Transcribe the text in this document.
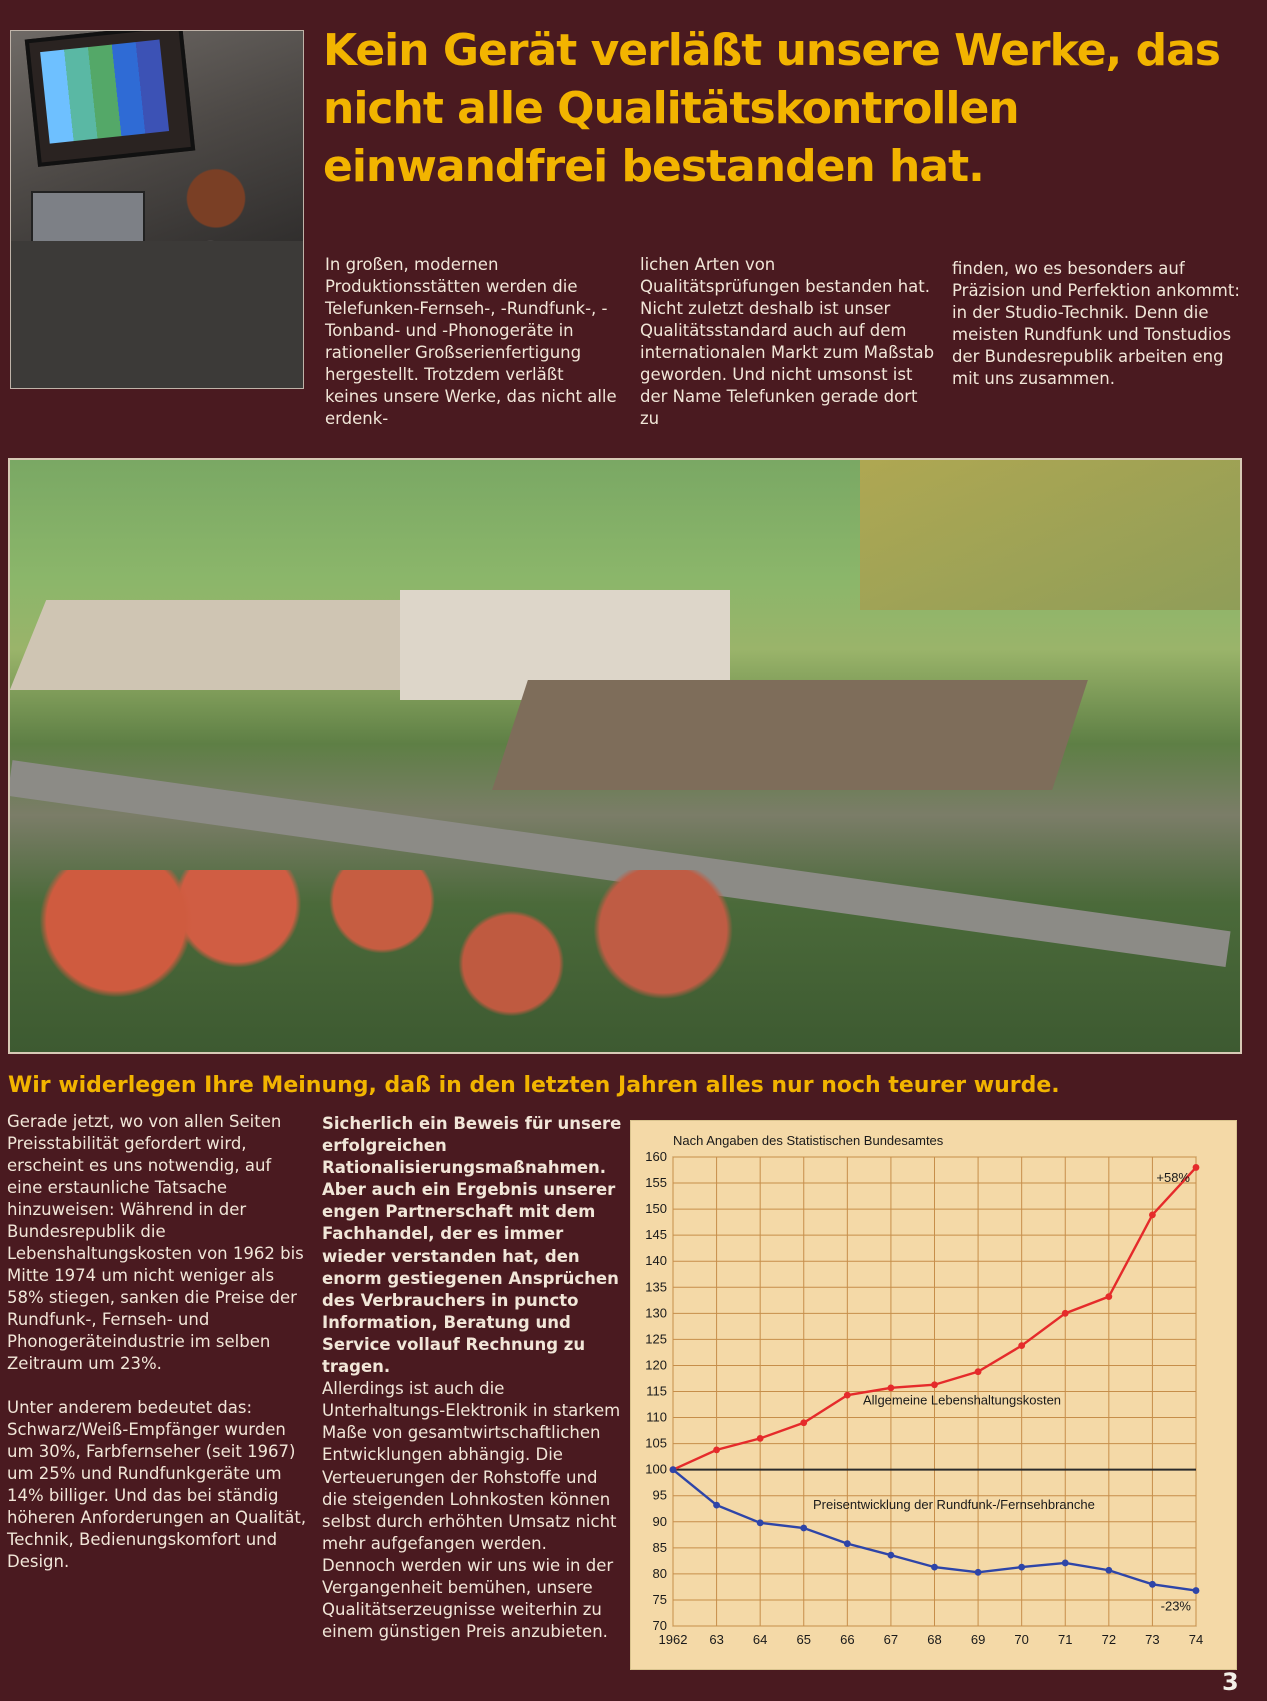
Kein Gerät verläßt unsere Werke, das nicht alle Qualitätskontrollen einwandfrei bestanden hat.
In großen, modernen Produktionsstätten werden die Telefunken-Fernseh-, -Rundfunk-, -Tonband- und -Phonogeräte in rationeller Großserienfertigung hergestellt. Trotzdem verläßt keines unsere Werke, das nicht alle erdenk-
lichen Arten von Qualitätsprüfungen bestanden hat. Nicht zuletzt deshalb ist unser Qualitätsstandard auch auf dem internationalen Markt zum Maßstab geworden. Und nicht umsonst ist der Name Telefunken gerade dort zu
finden, wo es besonders auf Präzision und Perfektion ankommt: in der Studio-Technik. Denn die meisten Rundfunk und Tonstudios der Bundesrepublik arbeiten eng mit uns zusammen.
Wir widerlegen Ihre Meinung, daß in den letzten Jahren alles nur noch teurer wurde.
Gerade jetzt, wo von allen Seiten Preisstabilität gefordert wird, erscheint es uns notwendig, auf eine erstaunliche Tatsache hinzuweisen: Während in der Bundesrepublik die Lebenshaltungskosten von 1962 bis Mitte 1974 um nicht weniger als 58% stiegen, sanken die Preise der Rundfunk-, Fernseh- und Phonogeräteindustrie im selben Zeitraum um 23%.

Unter anderem bedeutet das: Schwarz/Weiß-Empfänger wurden um 30%, Farbfernseher (seit 1967) um 25% und Rundfunkgeräte um 14% billiger. Und das bei ständig höheren Anforderungen an Qualität, Technik, Bedienungskomfort und Design.
Sicherlich ein Beweis für unsere erfolgreichen Rationalisierungsmaßnahmen. Aber auch ein Ergebnis unserer engen Partnerschaft mit dem Fachhandel, der es immer wieder verstanden hat, den enorm gestiegenen Ansprüchen des Verbrauchers in puncto Information, Beratung und Service vollauf Rechnung zu tragen.
Allerdings ist auch die Unterhaltungs-Elektronik in starkem Maße von gesamtwirtschaftlichen Entwicklungen abhängig. Die Verteuerungen der Rohstoffe und die steigenden Lohnkosten können selbst durch erhöhten Umsatz nicht mehr aufgefangen werden. Dennoch werden wir uns wie in der Vergangenheit bemühen, unsere Qualitätserzeugnisse weiterhin zu einem günstigen Preis anzubieten.	70
75
80
85
90
95
100
105
110
115
120
125
130
135
140
145
150
155
160
1962 63 64 65 66 67 68 69 70 71 72 73 74
Nach Angaben des Statistischen Bundesamtes
Allgemeine Lebenshaltungskosten
Preisentwicklung der Rundfunk-/Fernsehbranche
+58%
-23%
3
